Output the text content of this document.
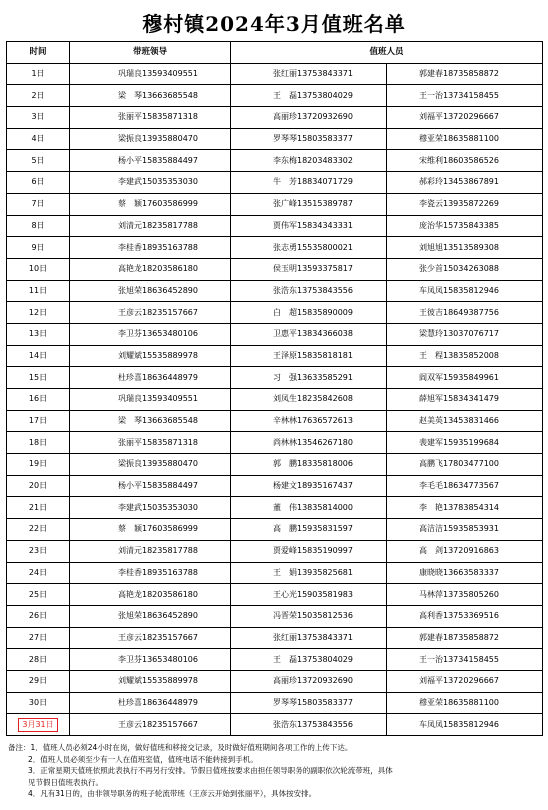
穆村镇2024年3月值班名单
时间	带班领导	值班人员	
1日	巩瑞良13593409551	张红丽13753843371	郭建春18735858872
2日	梁　琴13663685548	王　磊13753804029	王一治13734158455
3日	张丽平15835871318	高丽珍13720932690	刘福平13720296667
4日	梁振良13935880470	罗琴琴15803583377	穆亚荣18635881100
5日	杨小平15835884497	李东梅18203483302	宋维利18603586526
6日	李建武15035353030	牛　芳18834071729	郝彩玲13453867891
7日	蔡　颖17603586999	张广峰13515389787	李瓷云13935872269
8日	刘清元18235817788	贾伟军15834343331	庞治华15735843385
9日	李桂香18935163788	张志勇15535800021	刘旭旭13513589308
10日	高艳龙18203586180	侯玉明13593375817	张少首15034263088
11日	张旭荣18636452890	张浩东13753843556	车凤凤15835812946
12日	王彦云18235157667	白　超15835890009	王彼吉18649387756
13日	李卫芬13653480106	卫惠平13834366038	梁慧玲13037076717
14日	刘耀斌15535889978	王泽原15835818181	王　程13835852008
15日	杜珍喜18636448979	习　强13633585291	阎双军15935849961
16日	巩瑞良13593409551	刘凤生18235842608	薛旭军15834341479
17日	梁　琴13663685548	辛林林17636572613	赵美英13453831466
18日	张丽平15835871318	尚林林13546267180	裴建军15935199684
19日	梁振良13935880470	郭　鹏18335818006	高鹏飞17803477100
20日	杨小平15835884497	杨建文18935167437	李毛毛18634773567
21日	李建武15035353030	董　伟13835814000	李　艳13783854314
22日	蔡　颖17603586999	高　鹏15935831597	高洁洁15935853931
23日	刘清元18235817788	贾爱峰15835190997	高　剑13720916863
24日	李桂香18935163788	王　娟13935825681	康晓晓13663583337
25日	高艳龙18203586180	王心光15903581983	马林萍13735805260
26日	张旭荣18636452890	冯晋荣15035812536	高利香13753369516
27日	王彦云18235157667	张红丽13753843371	郭建春18735858872
28日	李卫芬13653480106	王　磊13753804029	王一治13734158455
29日	刘耀斌15535889978	高丽珍13720932690	刘福平13720296667
30日	杜珍喜18636448979	罗琴琴15803583377	穆亚荣18635881100
3月31日	王彦云18235157667	张浩东13753843556	车凤凤15835812946
备注：1．值班人员必须24小时在岗，做好值班和移接交记录，及时做好值班期间各项工作的上传下达。
2．值班人员必须至少有一人在值班室值，值班电话不能转接到手机。
3．正常星期天值班依照此表执行不再另行安排。节假日值班按要求由担任领导职务的副职依次轮流带班，具体
见节假日值班表执行。
4．凡有31日的，由非领导职务的班子轮流带班（王彦云开始到张丽平），具体按安排。
